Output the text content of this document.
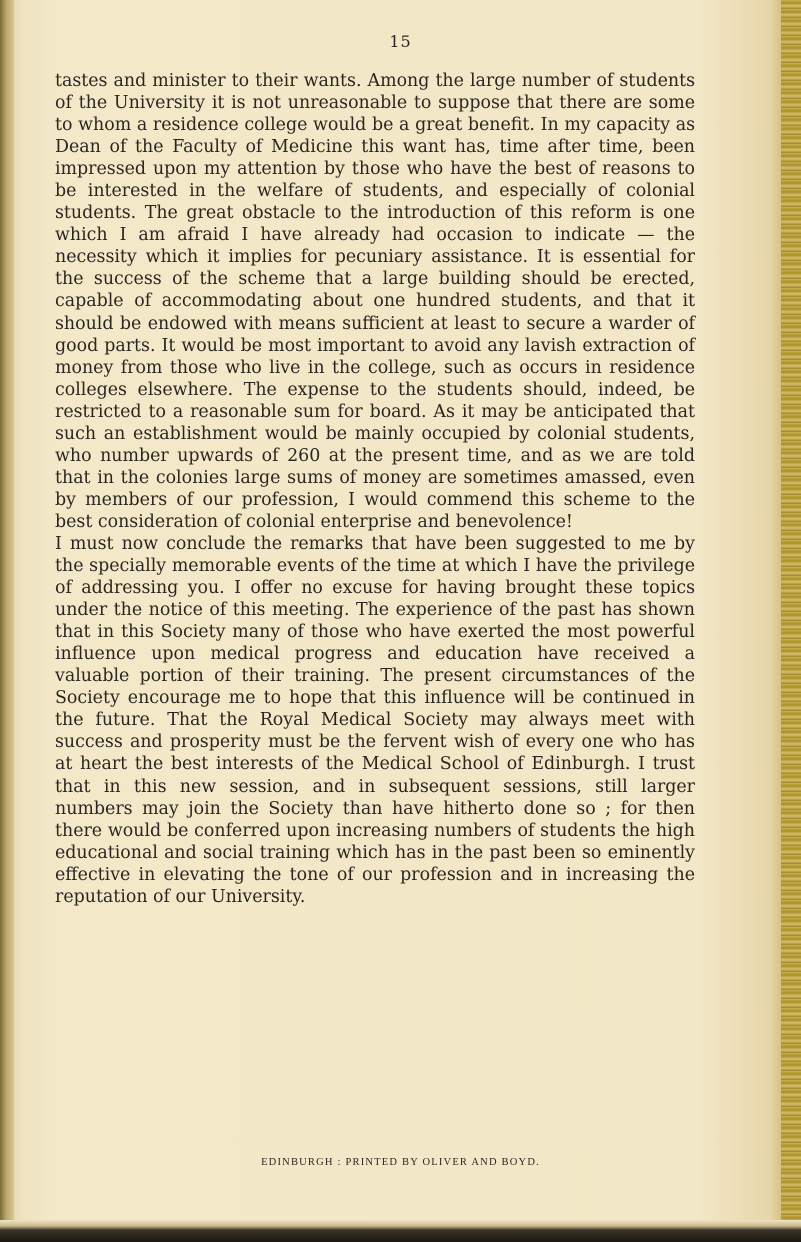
15

tastes and minister to their wants. Among the large number of students of the University it is not unreasonable to suppose that there are some to whom a residence college would be a great benefit. In my capacity as Dean of the Faculty of Medicine this want has, time after time, been impressed upon my attention by those who have the best of reasons to be interested in the welfare of students, and especially of colonial students. The great obstacle to the introduction of this reform is one which I am afraid I have already had occasion to indicate — the necessity which it implies for pecuniary assistance. It is essential for the success of the scheme that a large building should be erected, capable of accommodating about one hundred students, and that it should be endowed with means sufficient at least to secure a warder of good parts. It would be most important to avoid any lavish extraction of money from those who live in the college, such as occurs in residence colleges elsewhere. The expense to the students should, indeed, be restricted to a reasonable sum for board. As it may be anticipated that such an establishment would be mainly occupied by colonial students, who number upwards of 260 at the present time, and as we are told that in the colonies large sums of money are sometimes amassed, even by members of our profession, I would commend this scheme to the best consideration of colonial enterprise and benevolence!

I must now conclude the remarks that have been suggested to me by the specially memorable events of the time at which I have the privilege of addressing you. I offer no excuse for having brought these topics under the notice of this meeting. The experience of the past has shown that in this Society many of those who have exerted the most powerful influence upon medical progress and education have received a valuable portion of their training. The present circumstances of the Society encourage me to hope that this influence will be continued in the future. That the Royal Medical Society may always meet with success and prosperity must be the fervent wish of every one who has at heart the best interests of the Medical School of Edinburgh. I trust that in this new session, and in subsequent sessions, still larger numbers may join the Society than have hitherto done so ; for then there would be conferred upon increasing numbers of students the high educational and social training which has in the past been so eminently effective in elevating the tone of our profession and in increasing the reputation of our University.

EDINBURGH : PRINTED BY OLIVER AND BOYD.
